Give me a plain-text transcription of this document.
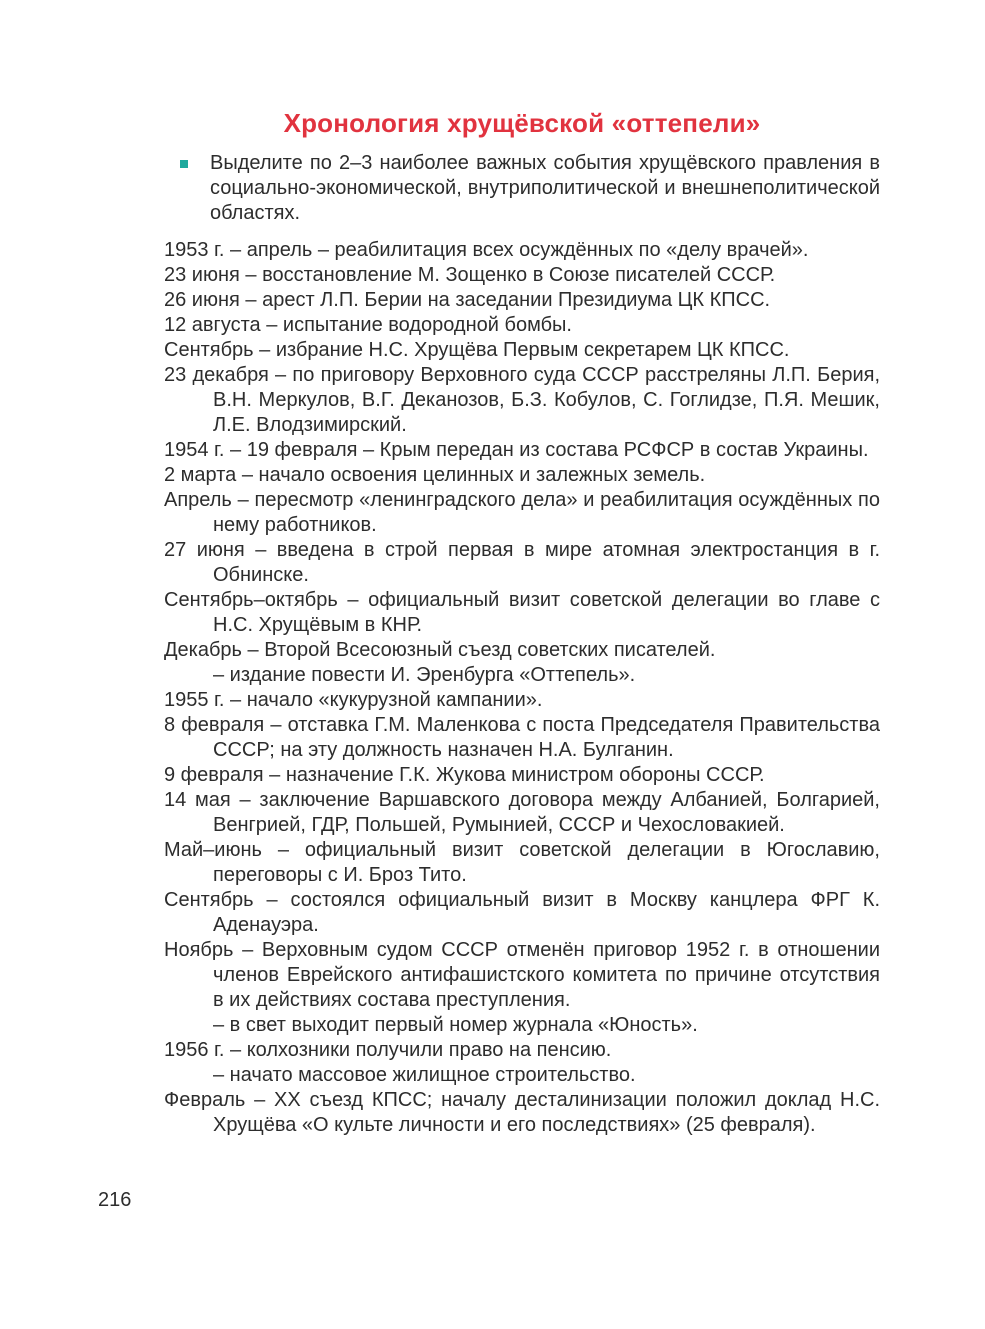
Хронология хрущёвской «оттепели»
Выделите по 2–3 наиболее важных события хрущёвского правления в социально-экономической, внутриполитической и внешнеполитической областях.

1953 г. – апрель – реабилитация всех осуждённых по «делу врачей».

23 июня – восстановление М. Зощенко в Союзе писателей СССР.

26 июня – арест Л.П. Берии на заседании Президиума ЦК КПСС.

12 августа – испытание водородной бомбы.

Сентябрь – избрание Н.С. Хрущёва Первым секретарем ЦК КПСС.

23 декабря – по приговору Верховного суда СССР расстреляны Л.П. Берия, В.Н. Меркулов, В.Г. Деканозов, Б.З. Кобулов, С. Гоглидзе, П.Я. Мешик, Л.Е. Влодзимирский.

1954 г. – 19 февраля – Крым передан из состава РСФСР в состав Украины.

2 марта – начало освоения целинных и залежных земель.

Апрель – пересмотр «ленинградского дела» и реабилитация осуждённых по нему работников.

27 июня – введена в строй первая в мире атомная электростанция в г. Обнинске.

Сентябрь–октябрь – официальный визит советской делегации во главе с Н.С. Хрущёвым в КНР.

Декабрь – Второй Всесоюзный съезд советских писателей.

– издание повести И. Эренбурга «Оттепель».

1955 г. – начало «кукурузной кампании».

8 февраля – отставка Г.М. Маленкова с поста Председателя Правительства СССР; на эту должность назначен Н.А. Булганин.

9 февраля – назначение Г.К. Жукова министром обороны СССР.

14 мая – заключение Варшавского договора между Албанией, Болгарией, Венгрией, ГДР, Польшей, Румынией, СССР и Чехословакией.

Май–июнь – официальный визит советской делегации в Югославию, переговоры с И. Броз Тито.

Сентябрь – состоялся официальный визит в Москву канцлера ФРГ К. Аденауэра.

Ноябрь – Верховным судом СССР отменён приговор 1952 г. в отношении членов Еврейского антифашистского комитета по причине отсутствия в их действиях состава преступления.

– в свет выходит первый номер журнала «Юность».

1956 г. – колхозники получили право на пенсию.

– начато массовое жилищное строительство.

Февраль – XX съезд КПСС; началу десталинизации положил доклад Н.С. Хрущёва «О культе личности и его последствиях» (25 февраля).

216
